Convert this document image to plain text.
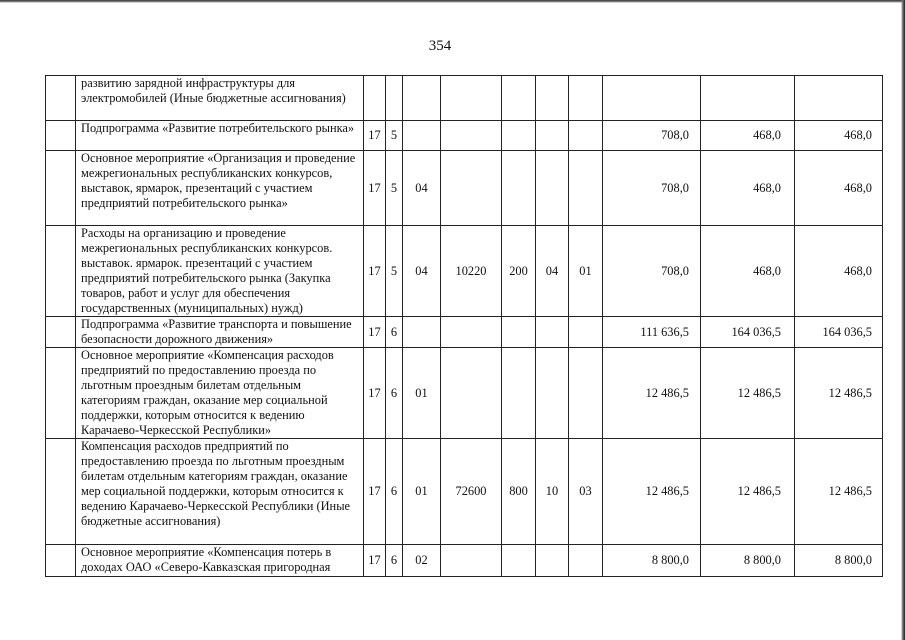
354
	развитию зарядной инфраструктуры для электромобилей (Иные бюджетные ассигнования)										
	Подпрограмма «Развитие потребительского рынка»	17	5						708,0	468,0	468,0
	Основное мероприятие «Организация и проведение межрегиональных республиканских конкурсов, выставок, ярмарок, презентаций с участием предприятий потребительского рынка»	17	5	04					708,0	468,0	468,0
	Расходы на организацию и проведение межрегиональных республиканских конкурсов. выставок. ярмарок. презентаций с участием предприятий потребительского рынка (Закупка товаров, работ и услуг для обеспечения государственных (муниципальных) нужд)	17	5	04	10220	200	04	01	708,0	468,0	468,0
	Подпрограмма «Развитие транспорта и повышение безопасности дорожного движения»	17	6						111 636,5	164 036,5	164 036,5
	Основное мероприятие «Компенсация расходов предприятий по предоставлению проезда по льготным проездным билетам отдельным категориям граждан, оказание мер социальной поддержки, которым относится к ведению Карачаево-Черкесской Республики»	17	6	01					12 486,5	12 486,5	12 486,5
	Компенсация расходов предприятий по предоставлению проезда по льготным проездным билетам отдельным категориям граждан, оказание мер социальной поддержки, которым относится к ведению Карачаево-Черкесской Республики (Иные бюджетные ассигнования)	17	6	01	72600	800	10	03	12 486,5	12 486,5	12 486,5
	Основное мероприятие «Компенсация потерь в доходах ОАО «Северо-Кавказская пригородная	17	6	02					8 800,0	8 800,0	8 800,0
